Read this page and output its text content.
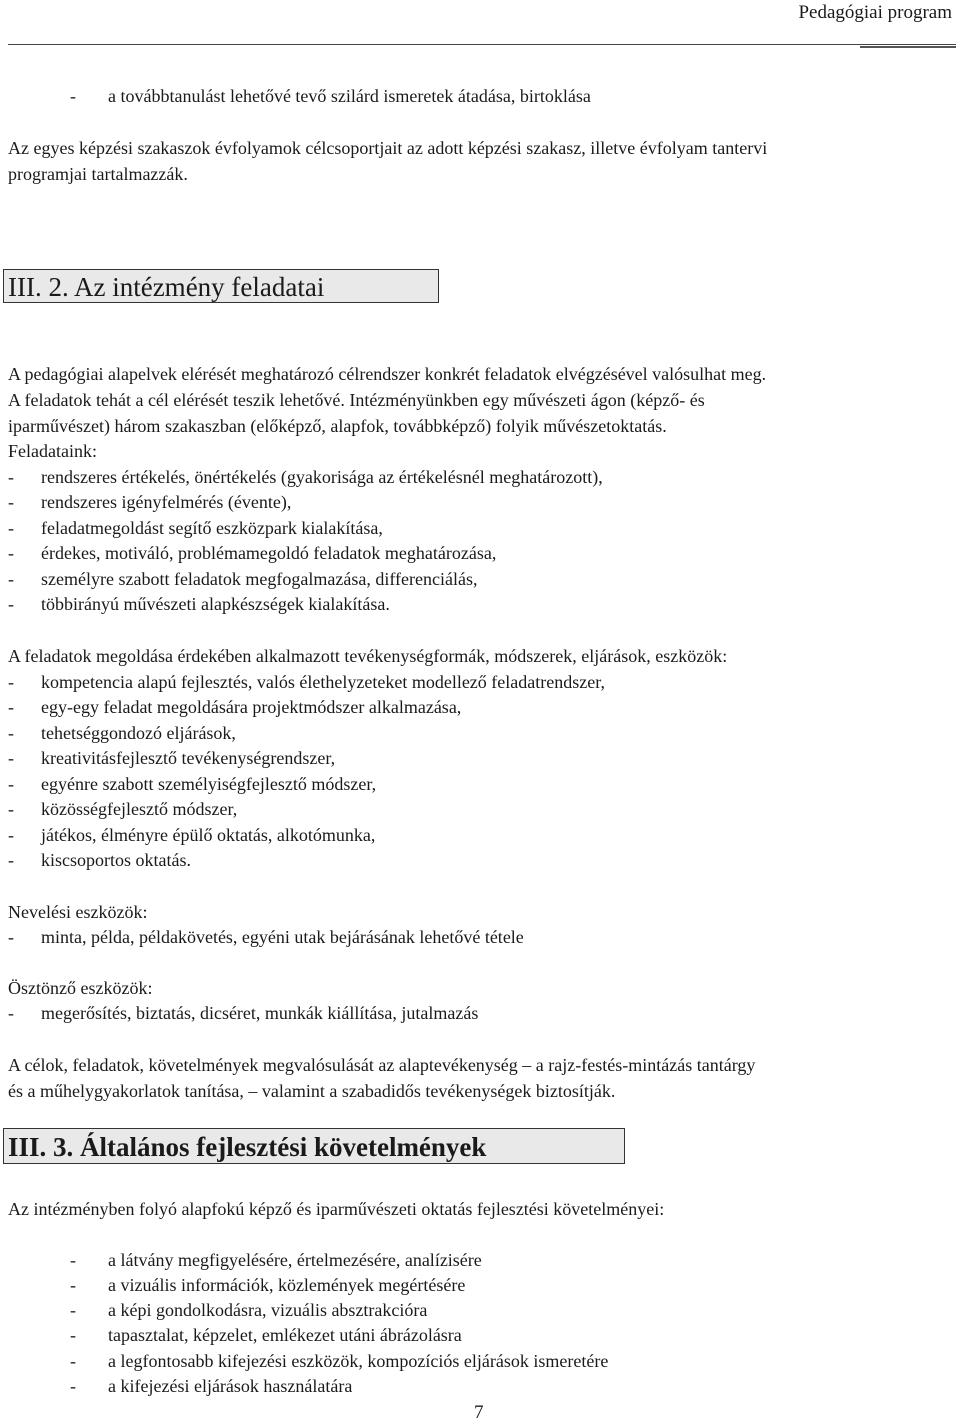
Pedagógiai program
- a továbbtanulást lehetővé tevő szilárd ismeretek átadása, birtoklása
Az egyes képzési szakaszok évfolyamok célcsoportjait az adott képzési szakasz, illetve évfolyam tantervi
programjai tartalmazzák.
III. 2. Az intézmény feladatai
A pedagógiai alapelvek elérését meghatározó célrendszer konkrét feladatok elvégzésével valósulhat meg.
A feladatok tehát a cél elérését teszik lehetővé. Intézményünkben egy művészeti ágon (képző- és
iparművészet) három szakaszban (előképző, alapfok, továbbképző) folyik művészetoktatás.
Feladataink:
- rendszeres értékelés, önértékelés (gyakorisága az értékelésnél meghatározott),
- rendszeres igényfelmérés (évente),
- feladatmegoldást segítő eszközpark kialakítása,
- érdekes, motiváló, problémamegoldó feladatok meghatározása,
- személyre szabott feladatok megfogalmazása, differenciálás,
- többirányú művészeti alapkészségek kialakítása.
A feladatok megoldása érdekében alkalmazott tevékenységformák, módszerek, eljárások, eszközök:
- kompetencia alapú fejlesztés, valós élethelyzeteket modellező feladatrendszer,
- egy-egy feladat megoldására projektmódszer alkalmazása,
- tehetséggondozó eljárások,
- kreativitásfejlesztő tevékenységrendszer,
- egyénre szabott személyiségfejlesztő módszer,
- közösségfejlesztő módszer,
- játékos, élményre épülő oktatás, alkotómunka,
- kiscsoportos oktatás.
Nevelési eszközök:
- minta, példa, példakövetés, egyéni utak bejárásának lehetővé tétele
Ösztönző eszközök:
- megerősítés, biztatás, dicséret, munkák kiállítása, jutalmazás
A célok, feladatok, követelmények megvalósulását az alaptevékenység – a rajz-festés-mintázás tantárgy
és a műhelygyakorlatok tanítása, – valamint a szabadidős tevékenységek biztosítják.
III. 3. Általános fejlesztési követelmények
Az intézményben folyó alapfokú képző és iparművészeti oktatás fejlesztési követelményei:
- a látvány megfigyelésére, értelmezésére, analízisére
- a vizuális információk, közlemények megértésére
- a képi gondolkodásra, vizuális absztrakcióra
- tapasztalat, képzelet, emlékezet utáni ábrázolásra
- a legfontosabb kifejezési eszközök, kompozíciós eljárások ismeretére
- a kifejezési eljárások használatára
7
